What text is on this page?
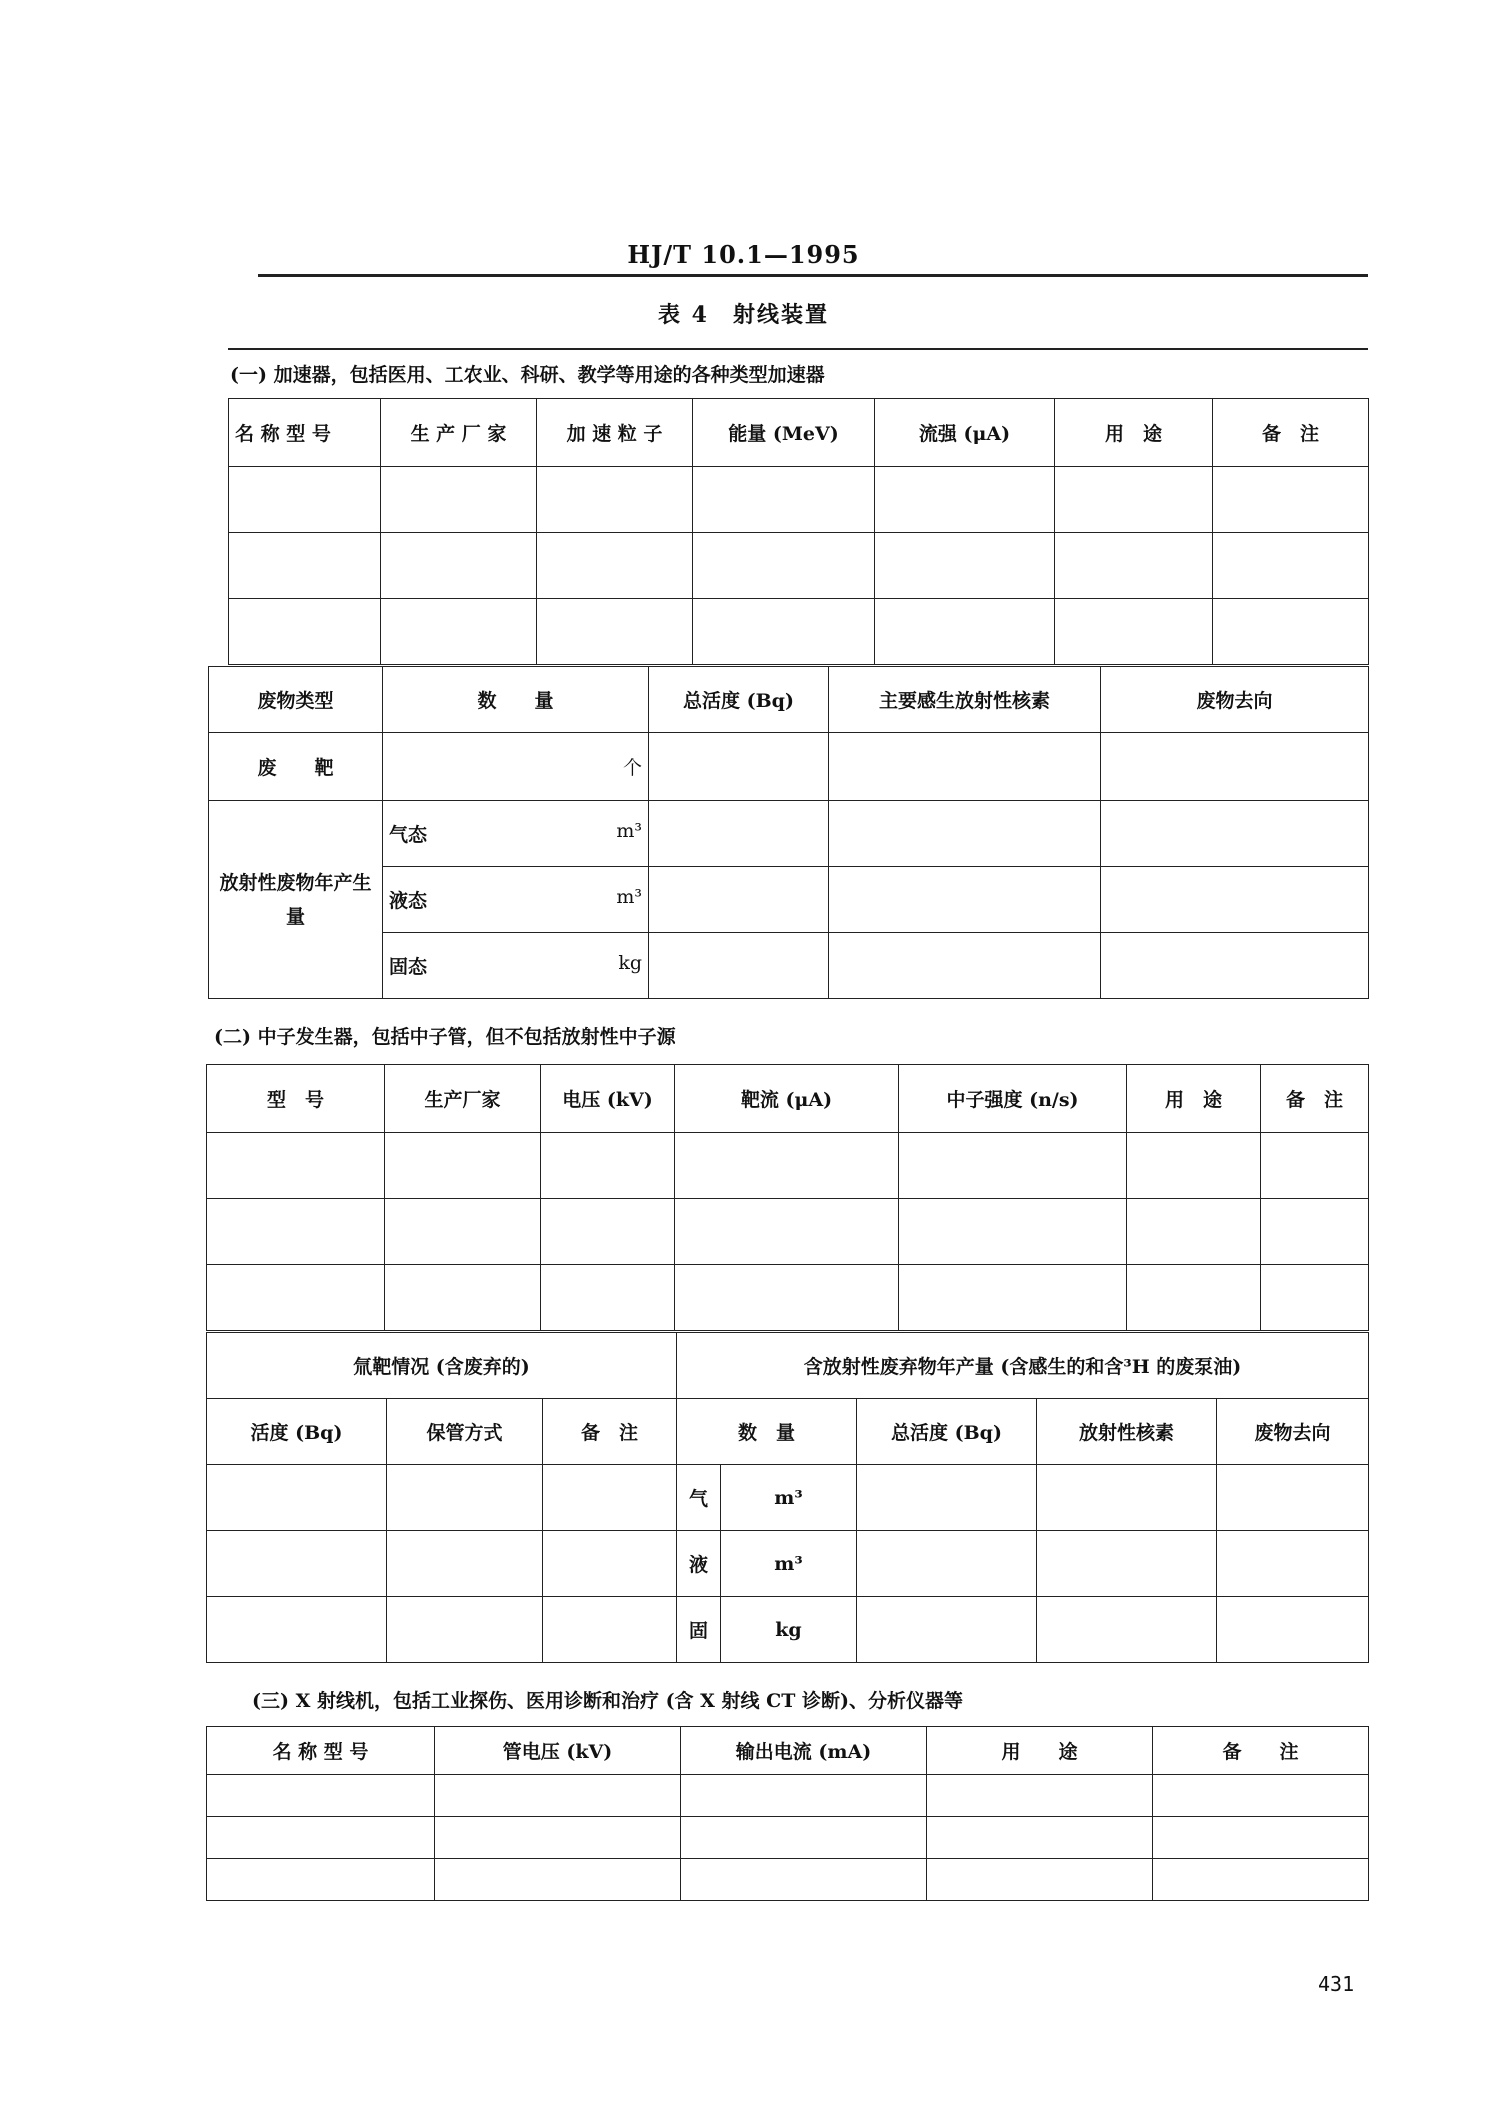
HJ/T 10.1—1995
表 4　射线装置
(一) 加速器，包括医用、工农业、科研、教学等用途的各种类型加速器
名 称 型 号	生 产 厂 家	加 速 粒 子	能量 (MeV)	流强 (μA)	用　途	备　注

废物类型	数　　量	总活度 (Bq)	主要感生放射性核素	废物去向
废　　靶	个			

放射性废物年产生量	气态 m³			

	液态 m³			

	固态 kg			

(二) 中子发生器，包括中子管，但不包括放射性中子源
型　号	生产厂家	电压 (kV)	靶流 (μA)	中子强度 (n/s)	用　途	备　注

氚靶情况 (含废弃的)			含放射性废弃物年产量 (含感生的和含³H 的废泵油)				
活度 (Bq)	保管方式	备　注	数　量		总活度 (Bq)	放射性核素	废物去向
			气	m³			
			液	m³			
			固	kg			
(三) X 射线机，包括工业探伤、医用诊断和治疗 (含 X 射线 CT 诊断)、分析仪器等
名 称 型 号	管电压 (kV)	输出电流 (mA)	用　　途	备　　注

431
